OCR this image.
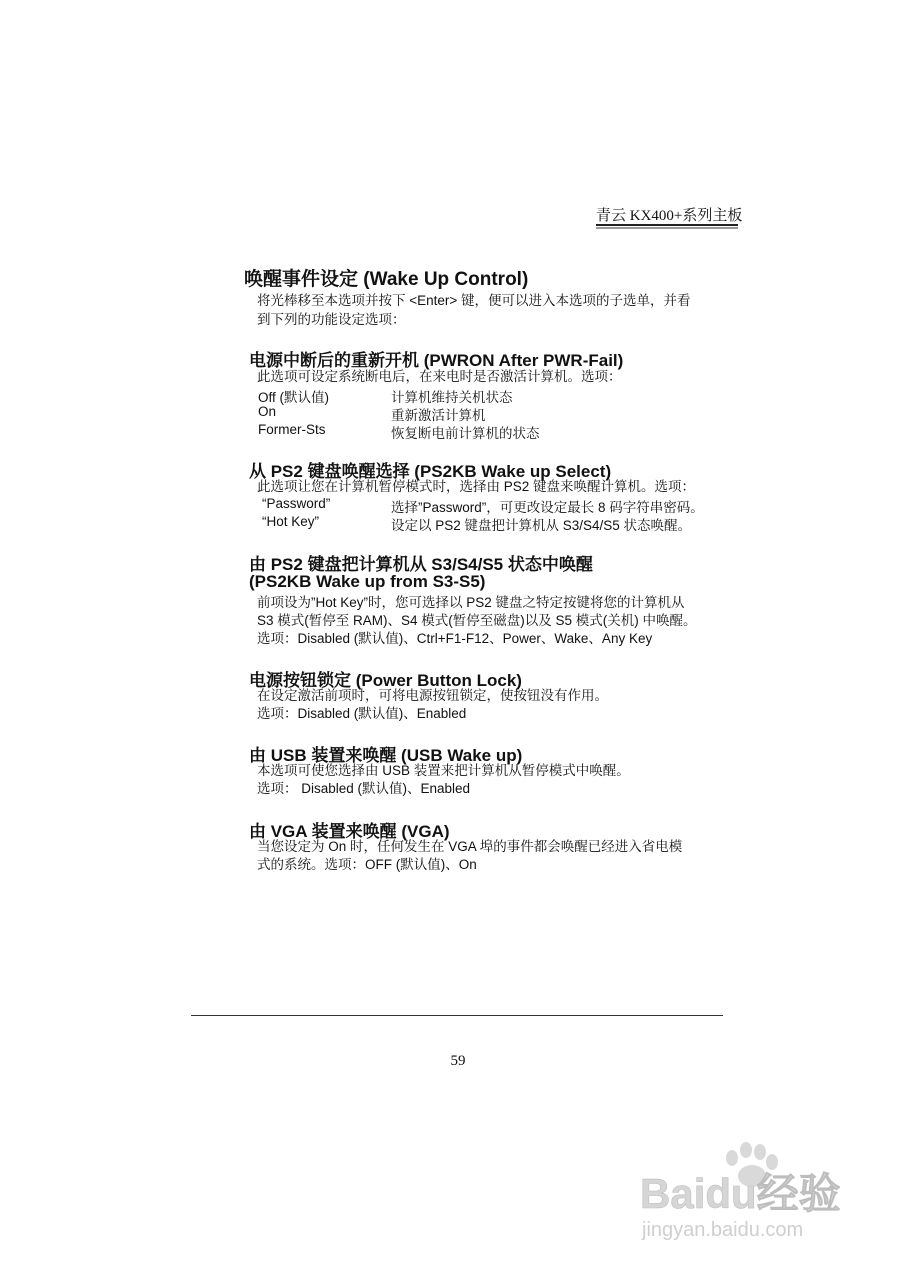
青云 KX400+系列主板
唤醒事件设定 (Wake Up Control)
将光棒移至本选项并按下 <Enter> 键，便可以进入本选项的子选单，并看
到下列的功能设定选项：
电源中断后的重新开机 (PWRON After PWR-Fail)
此选项可设定系统断电后，在来电时是否激活计算机。选项：
Off (默认值)	计算机维持关机状态
On	重新激活计算机
Former-Sts	恢复断电前计算机的状态
从 PS2 键盘唤醒选择 (PS2KB Wake up Select)
此选项让您在计算机暂停模式时，选择由 PS2 键盘来唤醒计算机。选项：
“Password”	选择”Password”，可更改设定最长 8 码字符串密码。
“Hot Key”	设定以 PS2 键盘把计算机从 S3/S4/S5 状态唤醒。
由 PS2 键盘把计算机从 S3/S4/S5 状态中唤醒
(PS2KB Wake up from S3-S5)
前项设为”Hot Key”时，您可选择以 PS2 键盘之特定按键将您的计算机从
S3 模式(暂停至 RAM)、S4 模式(暂停至磁盘)以及 S5 模式(关机) 中唤醒。
选项：Disabled (默认值)、Ctrl+F1-F12、Power、Wake、Any Key
电源按钮锁定 (Power Button Lock)
在设定激活前项时，可将电源按钮锁定，使按钮没有作用。
选项：Disabled (默认值)、Enabled
由 USB 装置来唤醒 (USB Wake up)
本选项可使您选择由 USB 装置来把计算机从暂停模式中唤醒。
选项： Disabled (默认值)、Enabled
由 VGA 装置来唤醒 (VGA)
当您设定为 On 时，任何发生在 VGA 埠的事件都会唤醒已经进入省电模
式的系统。选项：OFF (默认值)、On
59
Baidu经验
jingyan.baidu.com
